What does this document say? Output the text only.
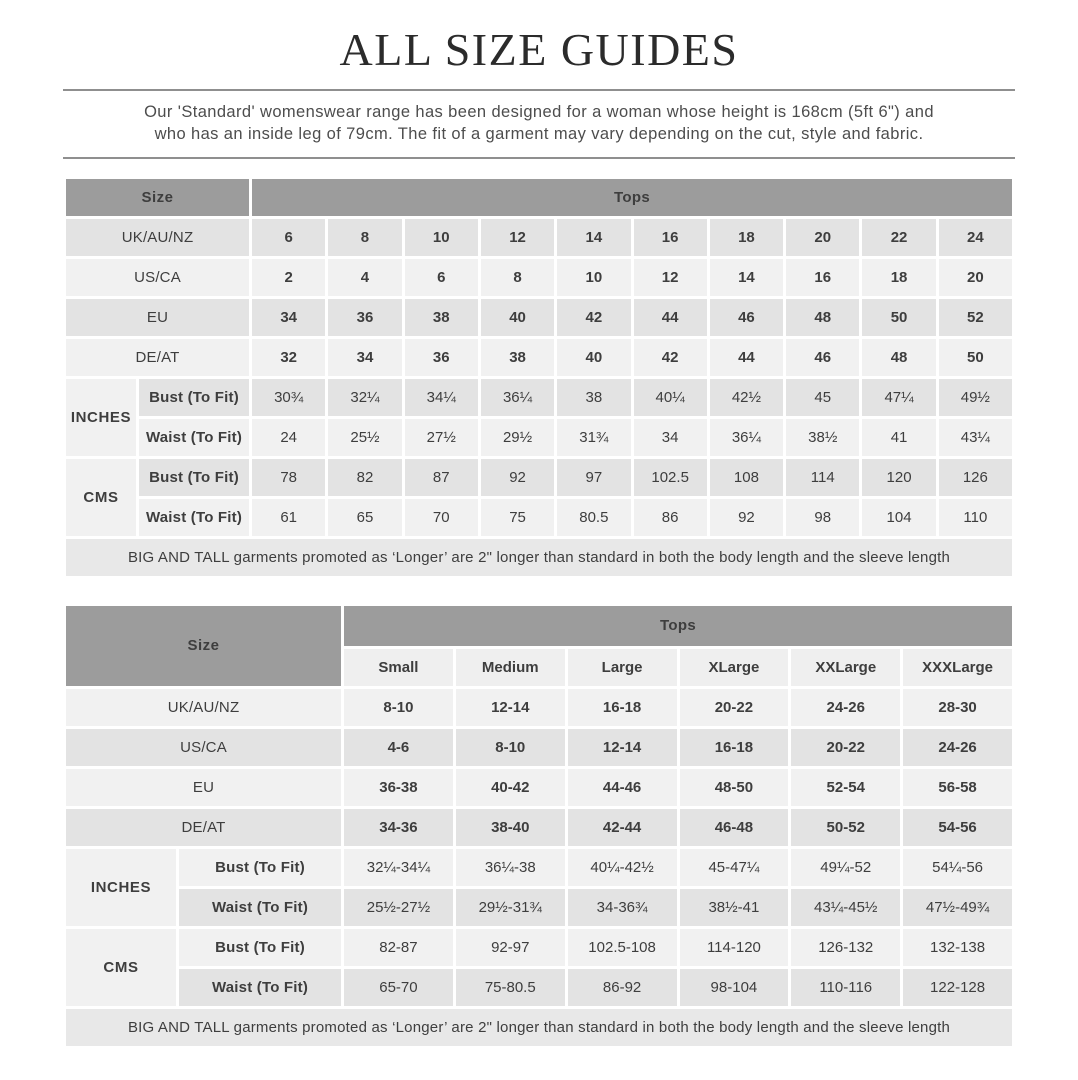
ALL SIZE GUIDES

Our 'Standard' womenswear range has been designed for a woman whose height is 168cm (5ft 6") and
who has an inside leg of 79cm. The fit of a garment may vary depending on the cut, style and fabric.

Size		Tops									
UK/AU/NZ		6	8	10	12	14	16	18	20	22	24
US/CA		2	4	6	8	10	12	14	16	18	20
EU		34	36	38	40	42	44	46	48	50	52
DE/AT		32	34	36	38	40	42	44	46	48	50
INCHES	Bust (To Fit)	30¾	32¼	34¼	36¼	38	40¼	42½	45	47¼	49½
	Waist (To Fit)	24	25½	27½	29½	31¾	34	36¼	38½	41	43¼
CMS	Bust (To Fit)	78	82	87	92	97	102.5	108	114	120	126
	Waist (To Fit)	61	65	70	75	80.5	86	92	98	104	110
BIG AND TALL garments promoted as ‘Longer’ are 2" longer than standard in both the body length and the sleeve length											
Size		Tops					
		Small	Medium	Large	XLarge	XXLarge	XXXLarge
UK/AU/NZ		8-10	12-14	16-18	20-22	24-26	28-30
US/CA		4-6	8-10	12-14	16-18	20-22	24-26
EU		36-38	40-42	44-46	48-50	52-54	56-58
DE/AT		34-36	38-40	42-44	46-48	50-52	54-56
INCHES	Bust (To Fit)	32¼-34¼	36¼-38	40¼-42½	45-47¼	49¼-52	54¼-56
	Waist (To Fit)	25½-27½	29½-31¾	34-36¾	38½-41	43¼-45½	47½-49¾
CMS	Bust (To Fit)	82-87	92-97	102.5-108	114-120	126-132	132-138
	Waist (To Fit)	65-70	75-80.5	86-92	98-104	110-116	122-128
BIG AND TALL garments promoted as ‘Longer’ are 2" longer than standard in both the body length and the sleeve length							
